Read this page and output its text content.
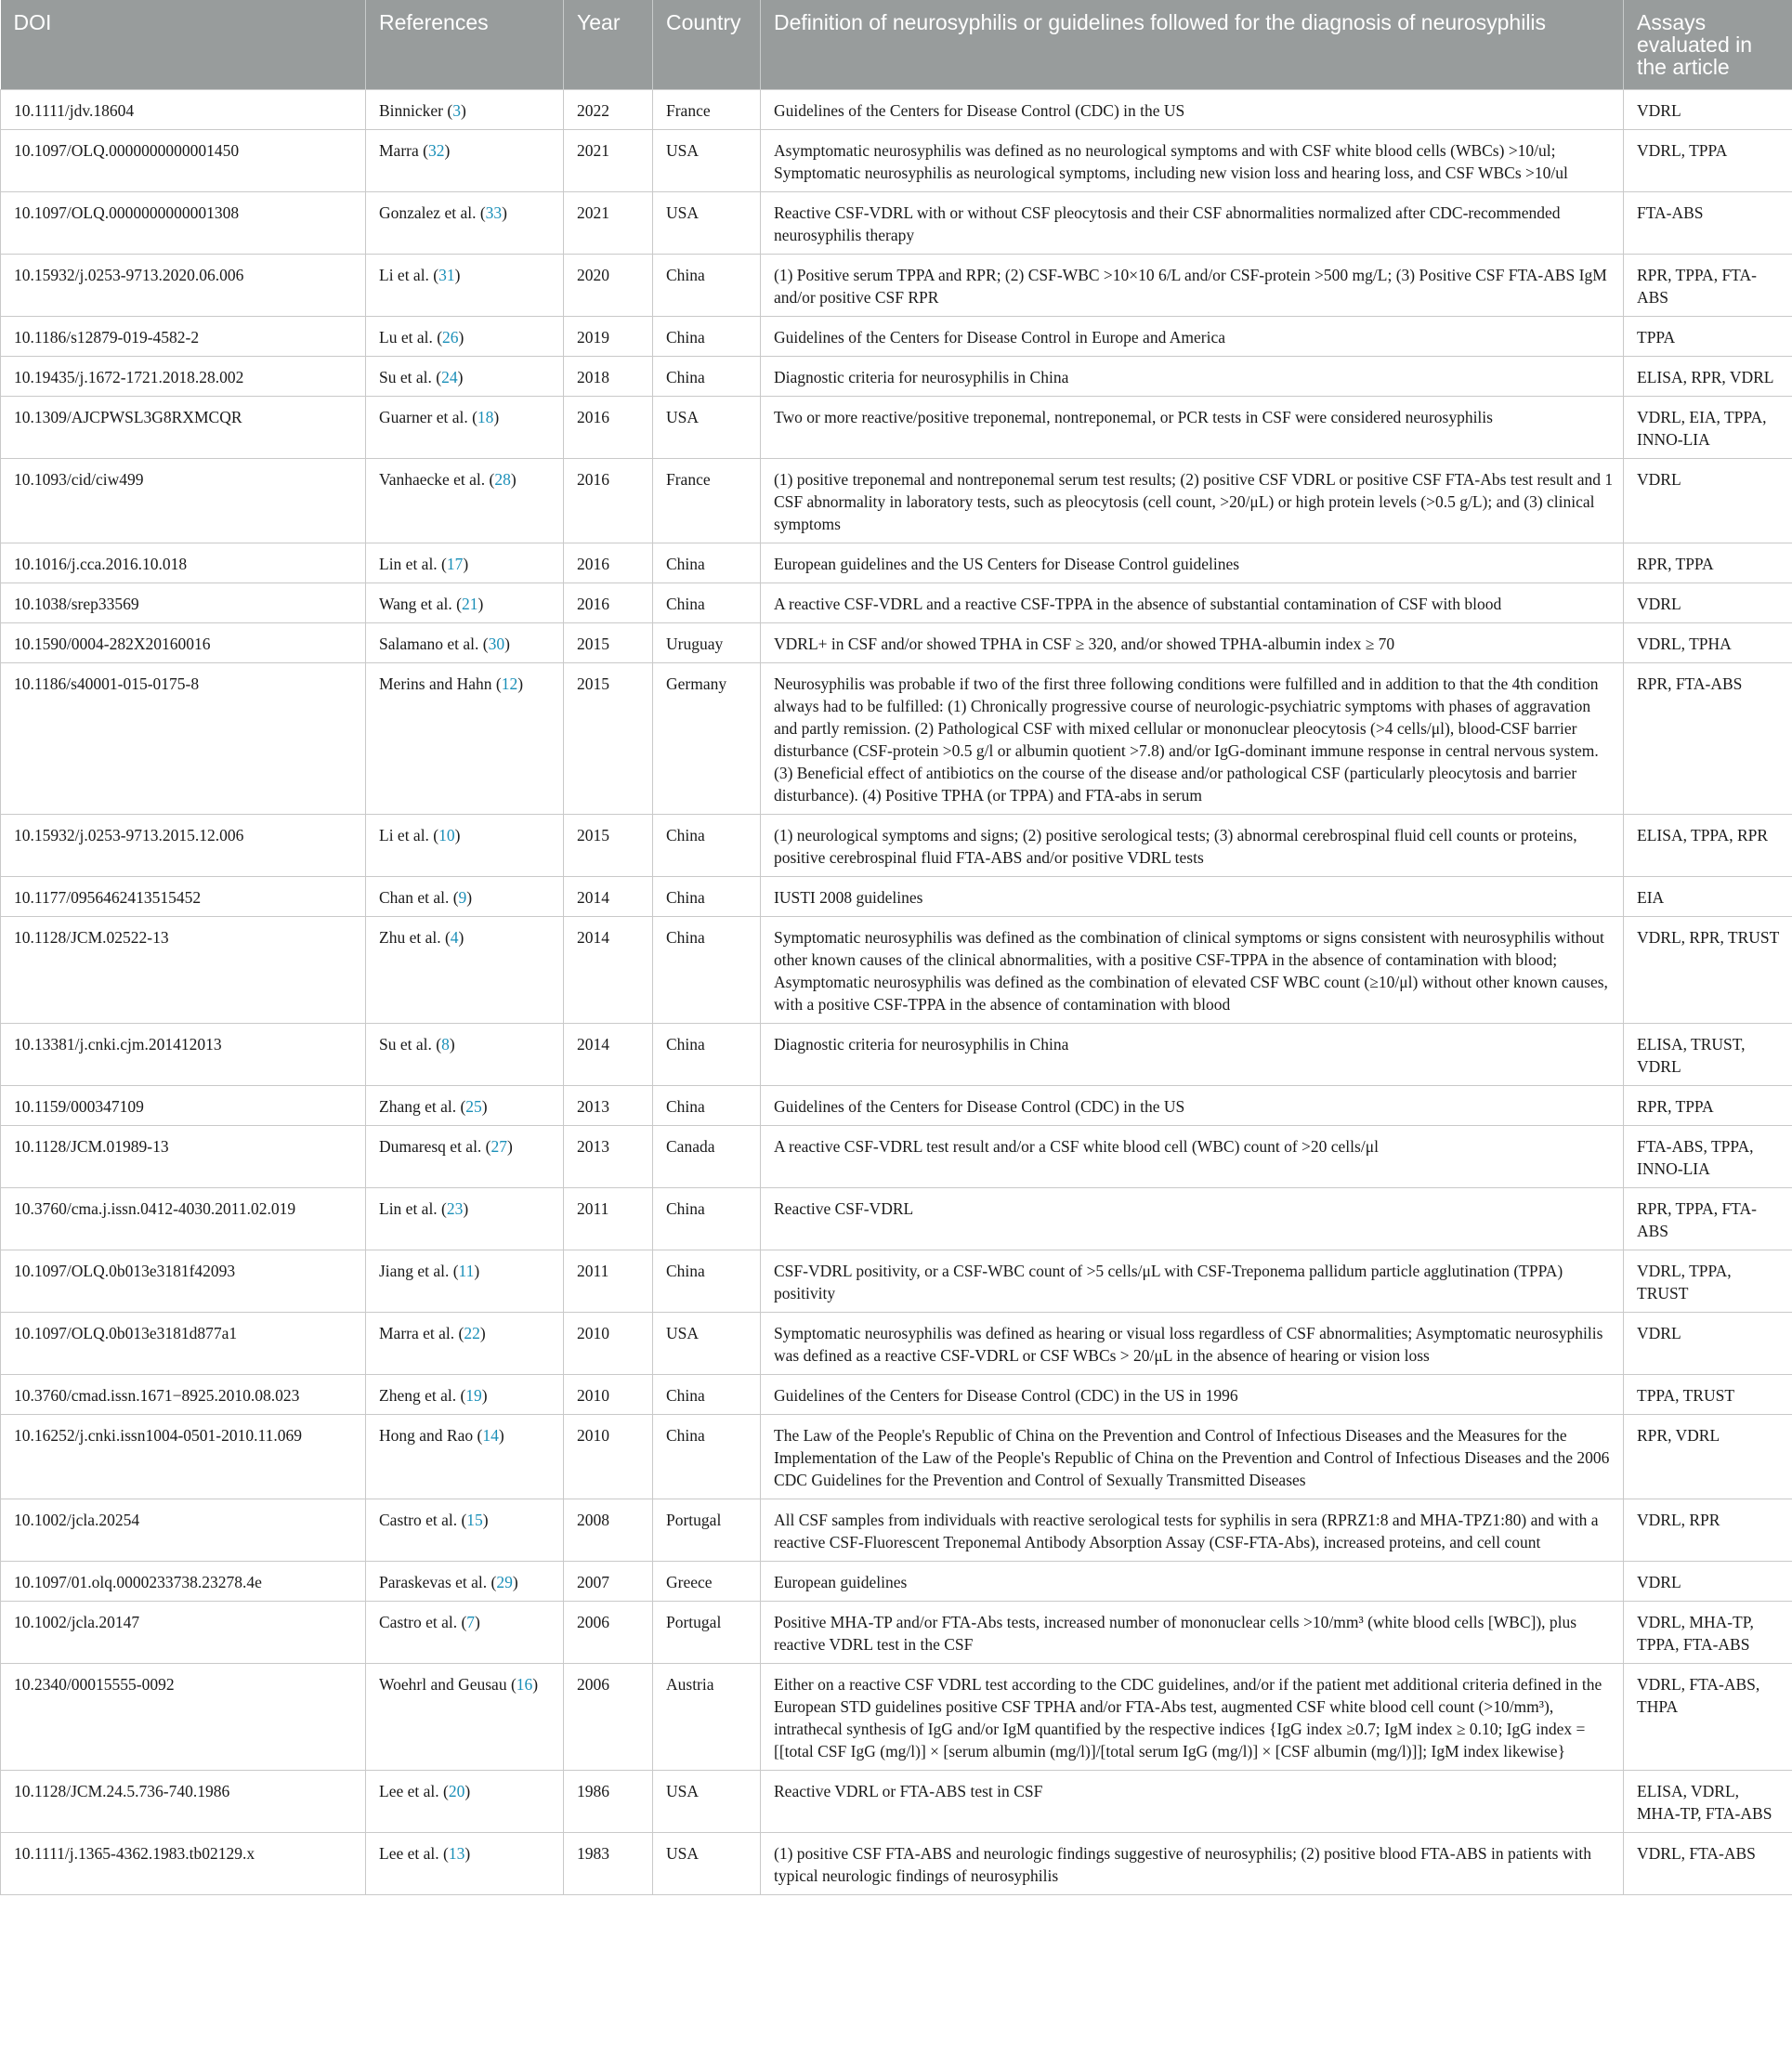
DOI	References	Year	Country	Definition of neurosyphilis or guidelines followed for the diagnosis of neurosyphilis	Assays evaluated in the article
10.1111/jdv.18604	Binnicker (3)	2022	France	Guidelines of the Centers for Disease Control (CDC) in the US	VDRL
10.1097/OLQ.0000000000001450	Marra (32)	2021	USA	Asymptomatic neurosyphilis was defined as no neurological symptoms and with CSF white blood cells (WBCs) >10/ul; Symptomatic neurosyphilis as neurological symptoms, including new vision loss and hearing loss, and CSF WBCs >10/ul	VDRL, TPPA
10.1097/OLQ.0000000000001308	Gonzalez et al. (33)	2021	USA	Reactive CSF-VDRL with or without CSF pleocytosis and their CSF abnormalities normalized after CDC-recommended neurosyphilis therapy	FTA-ABS
10.15932/j.0253-9713.2020.06.006	Li et al. (31)	2020	China	(1) Positive serum TPPA and RPR; (2) CSF-WBC >10×10 6/L and/or CSF-protein >500 mg/L; (3) Positive CSF FTA-ABS IgM and/or positive CSF RPR	RPR, TPPA, FTA-ABS
10.1186/s12879-019-4582-2	Lu et al. (26)	2019	China	Guidelines of the Centers for Disease Control in Europe and America	TPPA
10.19435/j.1672-1721.2018.28.002	Su et al. (24)	2018	China	Diagnostic criteria for neurosyphilis in China	ELISA, RPR, VDRL
10.1309/AJCPWSL3G8RXMCQR	Guarner et al. (18)	2016	USA	Two or more reactive/positive treponemal, nontreponemal, or PCR tests in CSF were considered neurosyphilis	VDRL, EIA, TPPA, INNO-LIA
10.1093/cid/ciw499	Vanhaecke et al. (28)	2016	France	(1) positive treponemal and nontreponemal serum test results; (2) positive CSF VDRL or positive CSF FTA-Abs test result and 1 CSF abnormality in laboratory tests, such as pleocytosis (cell count, >20/μL) or high protein levels (>0.5 g/L); and (3) clinical symptoms	VDRL
10.1016/j.cca.2016.10.018	Lin et al. (17)	2016	China	European guidelines and the US Centers for Disease Control guidelines	RPR, TPPA
10.1038/srep33569	Wang et al. (21)	2016	China	A reactive CSF-VDRL and a reactive CSF-TPPA in the absence of substantial contamination of CSF with blood	VDRL
10.1590/0004-282X20160016	Salamano et al. (30)	2015	Uruguay	VDRL+ in CSF and/or showed TPHA in CSF ≥ 320, and/or showed TPHA-albumin index ≥ 70	VDRL, TPHA
10.1186/s40001-015-0175-8	Merins and Hahn (12)	2015	Germany	Neurosyphilis was probable if two of the first three following conditions were fulfilled and in addition to that the 4th condition always had to be fulfilled: (1) Chronically progressive course of neurologic-psychiatric symptoms with phases of aggravation and partly remission. (2) Pathological CSF with mixed cellular or mononuclear pleocytosis (>4 cells/μl), blood-CSF barrier disturbance (CSF-protein >0.5 g/l or albumin quotient >7.8) and/or IgG-dominant immune response in central nervous system. (3) Beneficial effect of antibiotics on the course of the disease and/or pathological CSF (particularly pleocytosis and barrier disturbance). (4) Positive TPHA (or TPPA) and FTA-abs in serum	RPR, FTA-ABS
10.15932/j.0253-9713.2015.12.006	Li et al. (10)	2015	China	(1) neurological symptoms and signs; (2) positive serological tests; (3) abnormal cerebrospinal fluid cell counts or proteins, positive cerebrospinal fluid FTA-ABS and/or positive VDRL tests	ELISA, TPPA, RPR
10.1177/0956462413515452	Chan et al. (9)	2014	China	IUSTI 2008 guidelines	EIA
10.1128/JCM.02522-13	Zhu et al. (4)	2014	China	Symptomatic neurosyphilis was defined as the combination of clinical symptoms or signs consistent with neurosyphilis without other known causes of the clinical abnormalities, with a positive CSF-TPPA in the absence of contamination with blood; Asymptomatic neurosyphilis was defined as the combination of elevated CSF WBC count (≥10/μl) without other known causes, with a positive CSF-TPPA in the absence of contamination with blood	VDRL, RPR, TRUST
10.13381/j.cnki.cjm.201412013	Su et al. (8)	2014	China	Diagnostic criteria for neurosyphilis in China	ELISA, TRUST, VDRL
10.1159/000347109	Zhang et al. (25)	2013	China	Guidelines of the Centers for Disease Control (CDC) in the US	RPR, TPPA
10.1128/JCM.01989-13	Dumaresq et al. (27)	2013	Canada	A reactive CSF-VDRL test result and/or a CSF white blood cell (WBC) count of >20 cells/μl	FTA-ABS, TPPA, INNO-LIA
10.3760/cma.j.issn.0412-4030.2011.02.019	Lin et al. (23)	2011	China	Reactive CSF-VDRL	RPR, TPPA, FTA-ABS
10.1097/OLQ.0b013e3181f42093	Jiang et al. (11)	2011	China	CSF-VDRL positivity, or a CSF-WBC count of >5 cells/μL with CSF-Treponema pallidum particle agglutination (TPPA) positivity	VDRL, TPPA, TRUST
10.1097/OLQ.0b013e3181d877a1	Marra et al. (22)	2010	USA	Symptomatic neurosyphilis was defined as hearing or visual loss regardless of CSF abnormalities; Asymptomatic neurosyphilis was defined as a reactive CSF-VDRL or CSF WBCs > 20/μL in the absence of hearing or vision loss	VDRL
10.3760/cmad.issn.1671−8925.2010.08.023	Zheng et al. (19)	2010	China	Guidelines of the Centers for Disease Control (CDC) in the US in 1996	TPPA, TRUST
10.16252/j.cnki.issn1004-0501-2010.11.069	Hong and Rao (14)	2010	China	The Law of the People's Republic of China on the Prevention and Control of Infectious Diseases and the Measures for the Implementation of the Law of the People's Republic of China on the Prevention and Control of Infectious Diseases and the 2006 CDC Guidelines for the Prevention and Control of Sexually Transmitted Diseases	RPR, VDRL
10.1002/jcla.20254	Castro et al. (15)	2008	Portugal	All CSF samples from individuals with reactive serological tests for syphilis in sera (RPRZ1:8 and MHA-TPZ1:80) and with a reactive CSF-Fluorescent Treponemal Antibody Absorption Assay (CSF-FTA-Abs), increased proteins, and cell count	VDRL, RPR
10.1097/01.olq.0000233738.23278.4e	Paraskevas et al. (29)	2007	Greece	European guidelines	VDRL
10.1002/jcla.20147	Castro et al. (7)	2006	Portugal	Positive MHA-TP and/or FTA-Abs tests, increased number of mononuclear cells >10/mm³ (white blood cells [WBC]), plus reactive VDRL test in the CSF	VDRL, MHA-TP, TPPA, FTA-ABS
10.2340/00015555-0092	Woehrl and Geusau (16)	2006	Austria	Either on a reactive CSF VDRL test according to the CDC guidelines, and/or if the patient met additional criteria defined in the European STD guidelines positive CSF TPHA and/or FTA-Abs test, augmented CSF white blood cell count (>10/mm³), intrathecal synthesis of IgG and/or IgM quantified by the respective indices {IgG index ≥0.7; IgM index ≥ 0.10; IgG index = [[total CSF IgG (mg/l)] × [serum albumin (mg/l)]/[total serum IgG (mg/l)] × [CSF albumin (mg/l)]]; IgM index likewise}	VDRL, FTA-ABS, THPA
10.1128/JCM.24.5.736-740.1986	Lee et al. (20)	1986	USA	Reactive VDRL or FTA-ABS test in CSF	ELISA, VDRL, MHA-TP, FTA-ABS
10.1111/j.1365-4362.1983.tb02129.x	Lee et al. (13)	1983	USA	(1) positive CSF FTA-ABS and neurologic findings suggestive of neurosyphilis; (2) positive blood FTA-ABS in patients with typical neurologic findings of neurosyphilis	VDRL, FTA-ABS
